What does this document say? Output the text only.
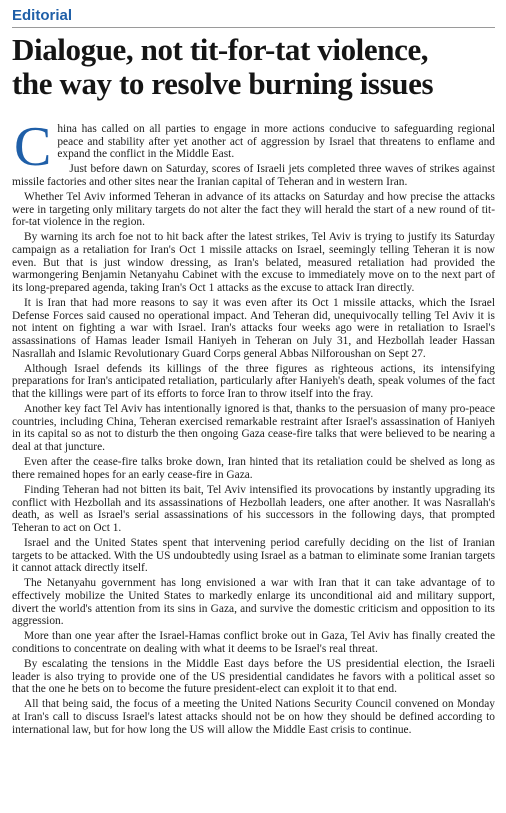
Editorial
Dialogue, not tit-for-tat violence,
the way to resolve burning issues

China has called on all parties to engage in more actions conducive to safeguarding regional peace and stability after yet another act of aggression by Israel that threatens to enflame and expand the conflict in the Middle East.

Just before dawn on Saturday, scores of Israeli jets completed three waves of strikes against missile factories and other sites near the Iranian capital of Teheran and in western Iran.

Whether Tel Aviv informed Teheran in advance of its attacks on Saturday and how precise the attacks were in targeting only military targets do not alter the fact they will herald the start of a new round of tit-for-tat violence in the region.

By warning its arch foe not to hit back after the latest strikes, Tel Aviv is trying to justify its Saturday campaign as a retaliation for Iran's Oct 1 missile attacks on Israel, seemingly telling Teheran it is now even. But that is just window dressing, as Iran's belated, measured retaliation had provided the warmongering Benjamin Netanyahu Cabinet with the excuse to immediately move on to the next part of its long-prepared agenda, taking Iran's Oct 1 attacks as the excuse to attack Iran directly.

It is Iran that had more reasons to say it was even after its Oct 1 missile attacks, which the Israel Defense Forces said caused no operational impact. And Teheran did, unequivocally telling Tel Aviv it is not intent on fighting a war with Israel. Iran's attacks four weeks ago were in retaliation to Israel's assassinations of Hamas leader Ismail Haniyeh in Teheran on July 31, and Hezbollah leader Hassan Nasrallah and Islamic Revolutionary Guard Corps general Abbas Nilforoushan on Sept 27.

Although Israel defends its killings of the three figures as righteous actions, its intensifying preparations for Iran's anticipated retaliation, particularly after Haniyeh's death, speak volumes of the fact that the killings were part of its efforts to force Iran to throw itself into the fray.

Another key fact Tel Aviv has intentionally ignored is that, thanks to the persuasion of many pro-peace countries, including China, Teheran exercised remarkable restraint after Israel's assassination of Haniyeh in its capital so as not to disturb the then ongoing Gaza cease-fire talks that were believed to be nearing a deal at that juncture.

Even after the cease-fire talks broke down, Iran hinted that its retaliation could be shelved as long as there remained hopes for an early cease-fire in Gaza.

Finding Teheran had not bitten its bait, Tel Aviv intensified its provocations by instantly upgrading its conflict with Hezbollah and its assassinations of Hezbollah leaders, one after another. It was Nasrallah's death, as well as Israel's serial assassinations of his successors in the following days, that prompted Teheran to act on Oct 1.

Israel and the United States spent that intervening period carefully deciding on the list of Iranian targets to be attacked. With the US undoubtedly using Israel as a batman to eliminate some Iranian targets it cannot attack directly itself.

The Netanyahu government has long envisioned a war with Iran that it can take advantage of to effectively mobilize the United States to markedly enlarge its unconditional aid and military support, divert the world's attention from its sins in Gaza, and survive the domestic criticism and opposition to its aggression.

More than one year after the Israel-Hamas conflict broke out in Gaza, Tel Aviv has finally created the conditions to concentrate on dealing with what it deems to be Israel's real threat.

By escalating the tensions in the Middle East days before the US presidential election, the Israeli leader is also trying to provide one of the US presidential candidates he favors with a political asset so that the one he bets on to become the future president-elect can exploit it to that end.

All that being said, the focus of a meeting the United Nations Security Council convened on Monday at Iran's call to discuss Israel's latest attacks should not be on how they should be defined according to international law, but for how long the US will allow the Middle East crisis to continue.
